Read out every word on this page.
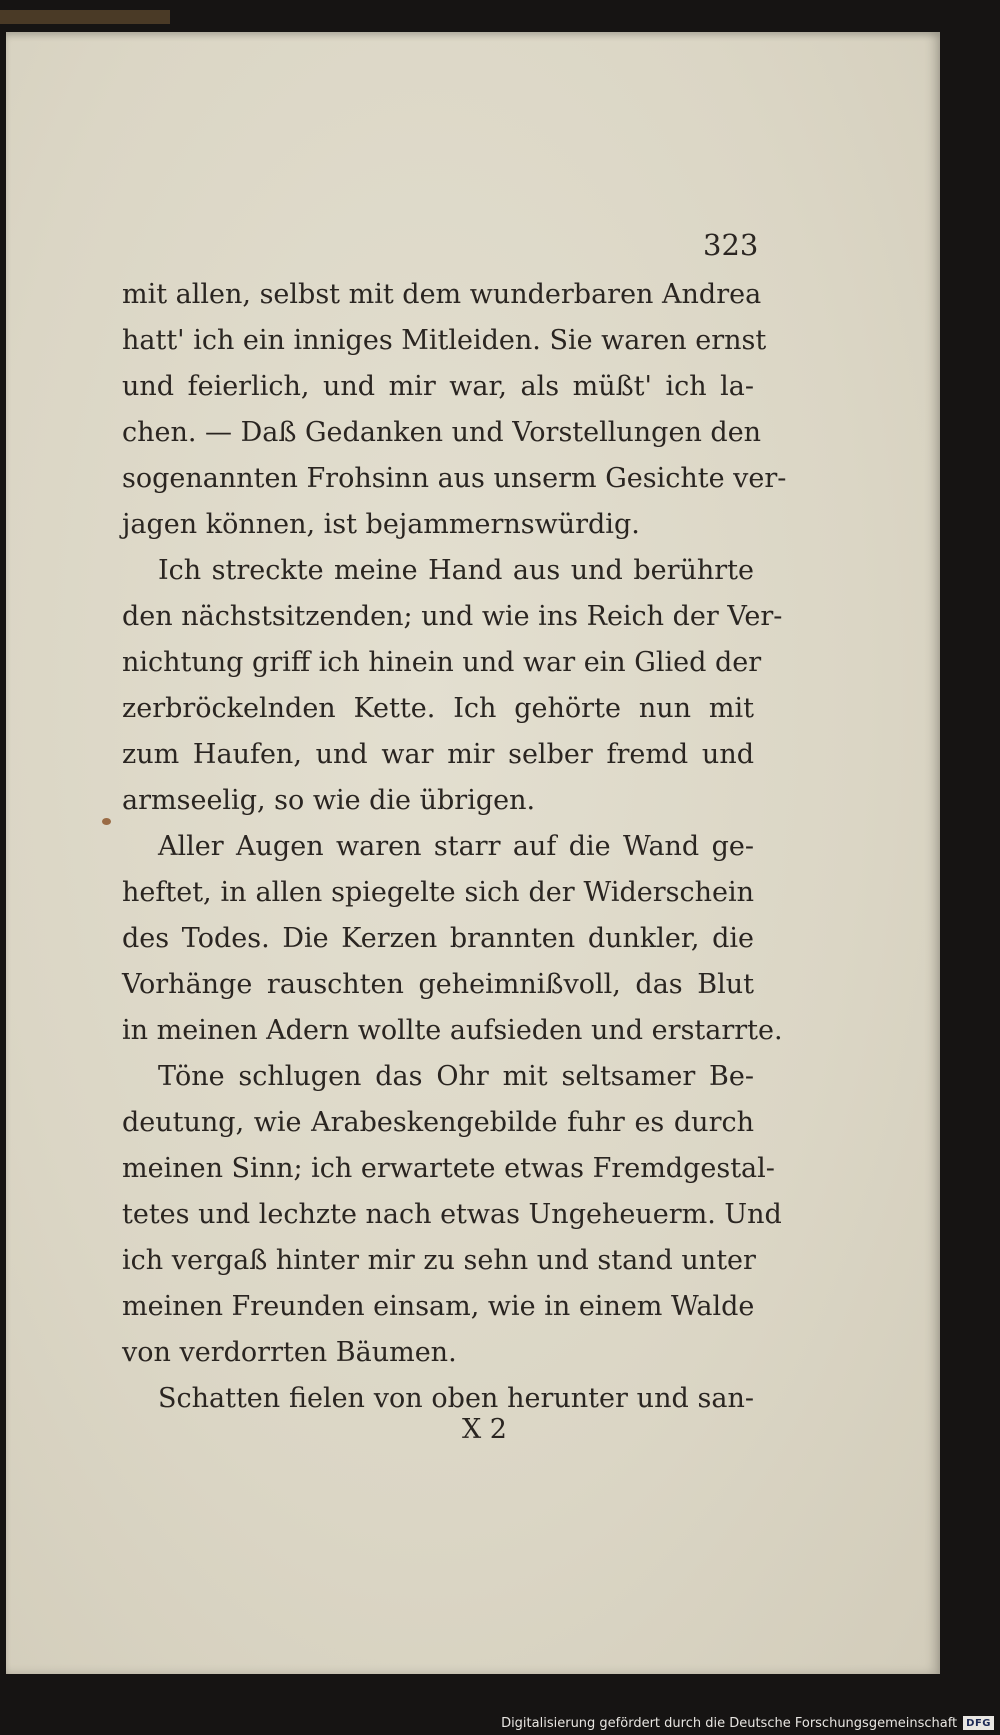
323
mit allen, selbst mit dem wunderbaren Andrea
hatt' ich ein inniges Mitleiden. Sie waren ernst
und feierlich, und mir war, als müßt' ich la-
chen. — Daß Gedanken und Vorstellungen den
sogenannten Frohsinn aus unserm Gesichte ver-
jagen können, ist bejammernswürdig.
Ich streckte meine Hand aus und berührte
den nächstsitzenden; und wie ins Reich der Ver-
nichtung griff ich hinein und war ein Glied der
zerbröckelnden Kette. Ich gehörte nun mit
zum Haufen, und war mir selber fremd und
armseelig, so wie die übrigen.
Aller Augen waren starr auf die Wand ge-
heftet, in allen spiegelte sich der Widerschein
des Todes. Die Kerzen brannten dunkler, die
Vorhänge rauschten geheimnißvoll, das Blut
in meinen Adern wollte aufsieden und erstarrte.
Töne schlugen das Ohr mit seltsamer Be-
deutung, wie Arabeskengebilde fuhr es durch
meinen Sinn; ich erwartete etwas Fremdgestal-
tetes und lechzte nach etwas Ungeheuerm. Und
ich vergaß hinter mir zu sehn und stand unter
meinen Freunden einsam, wie in einem Walde
von verdorrten Bäumen.
Schatten fielen von oben herunter und san-
X 2
Digitalisierung gefördert durch die Deutsche Forschungsgemeinschaft DFG
